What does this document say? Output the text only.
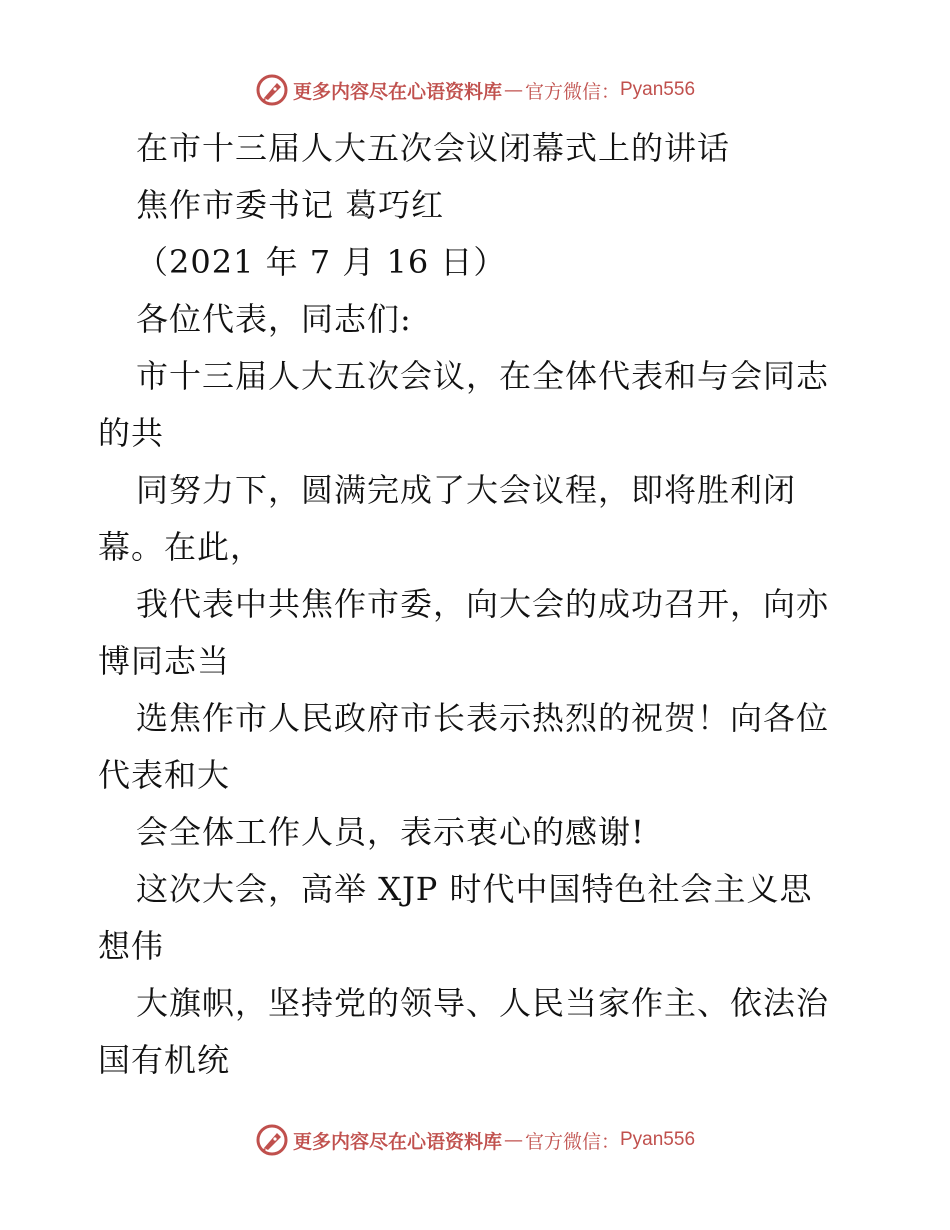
更多内容尽在心语资料库 — 官方微信： Pyan556
在市十三届人大五次会议闭幕式上的讲话
焦作市委书记 葛巧红
（2021 年 7 月 16 日）
各位代表，同志们:
市十三届人大五次会议，在全体代表和与会同志
的共
同努力下，圆满完成了大会议程，即将胜利闭
幕。在此，
我代表中共焦作市委，向大会的成功召开，向亦
博同志当
选焦作市人民政府市长表示热烈的祝贺！向各位
代表和大
会全体工作人员，表示衷心的感谢!
这次大会，高举 XJP 时代中国特色社会主义思
想伟
大旗帜，坚持党的领导、人民当家作主、依法治
国有机统
更多内容尽在心语资料库 — 官方微信： Pyan556
